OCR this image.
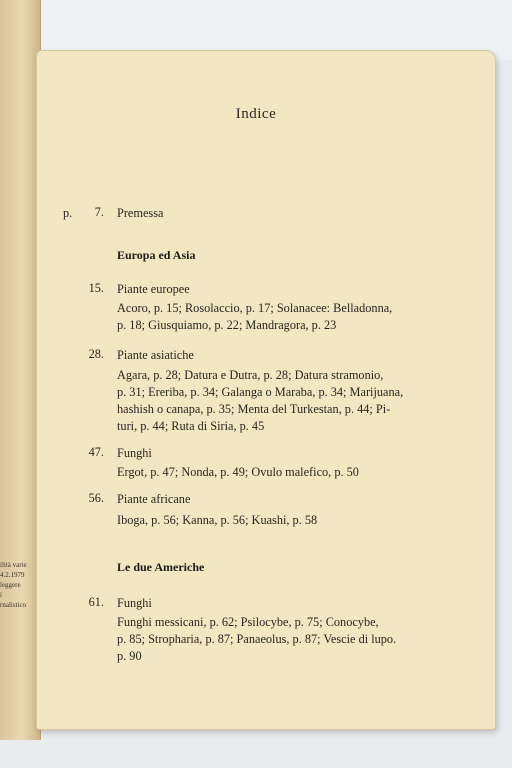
ilità varie
4.2.1979
leggere
i
rnalistico
Indice
p.	7. Premessa
Europa ed Asia
15. Piante europee
Acoro, p. 15; Rosolaccio, p. 17; Solanacee: Belladonna,
p. 18; Giusquiamo, p. 22; Mandragora, p. 23
28. Piante asiatiche
Agara, p. 28; Datura e Dutra, p. 28; Datura stramonio,
p. 31; Ereriba, p. 34; Galanga o Maraba, p. 34; Marijuana,
hashish o canapa, p. 35; Menta del Turkestan, p. 44; Pi-
turi, p. 44; Ruta di Siria, p. 45
47. Funghi
Ergot, p. 47; Nonda, p. 49; Ovulo malefico, p. 50
56. Piante africane
Iboga, p. 56; Kanna, p. 56; Kuashi, p. 58
Le due Americhe
61. Funghi
Funghi messicani, p. 62; Psilocybe, p. 75; Conocybe,
p. 85; Stropharia, p. 87; Panaeolus, p. 87; Vescie di lupo.
p. 90
